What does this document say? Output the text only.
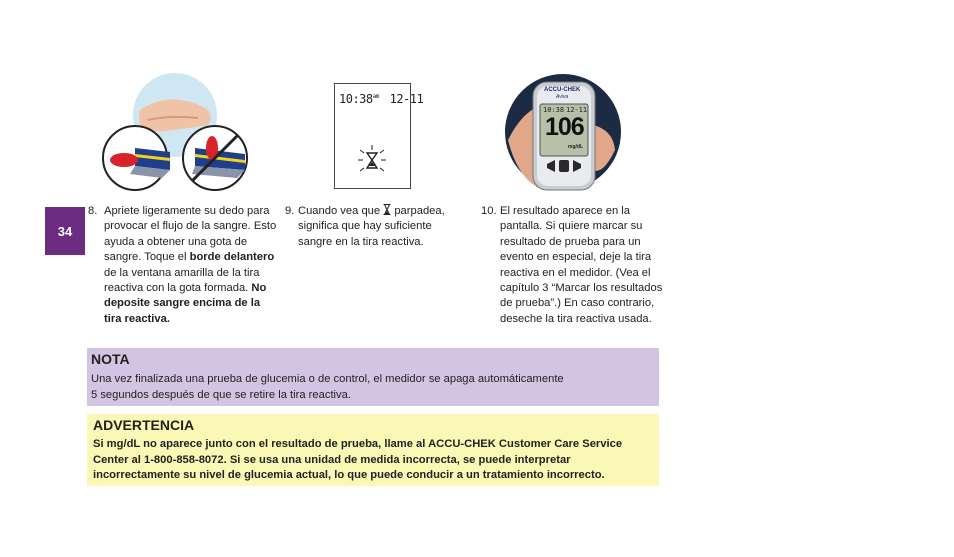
34
$10:38^{am}$ 12-11
ACCU-CHEK
Aviva
10:38 12-11
106
mg/dL
8. Apriete ligeramente su dedo para provocar el flujo de la sangre. Esto ayuda a obtener una gota de sangre. Toque el borde delantero de la ventana amarilla de la tira reactiva con la gota formada. No deposite sangre encima de la tira reactiva.
9. Cuando vea que  parpadea, significa que hay suficiente sangre en la tira reactiva.
10. El resultado aparece en la pantalla. Si quiere marcar su resultado de prueba para un evento en especial, deje la tira reactiva en el medidor. (Vea el capítulo 3 “Marcar los resultados de prueba”.) En caso contrario, deseche la tira reactiva usada.
NOTA
Una vez finalizada una prueba de glucemia o de control, el medidor se apaga automáticamente
5 segundos después de que se retire la tira reactiva.
ADVERTENCIA
Si mg/dL no aparece junto con el resultado de prueba, llame al ACCU-CHEK Customer Care Service Center al 1-800-858-8072. Si se usa una unidad de medida incorrecta, se puede interpretar incorrectamente su nivel de glucemia actual, lo que puede conducir a un tratamiento incorrecto.
